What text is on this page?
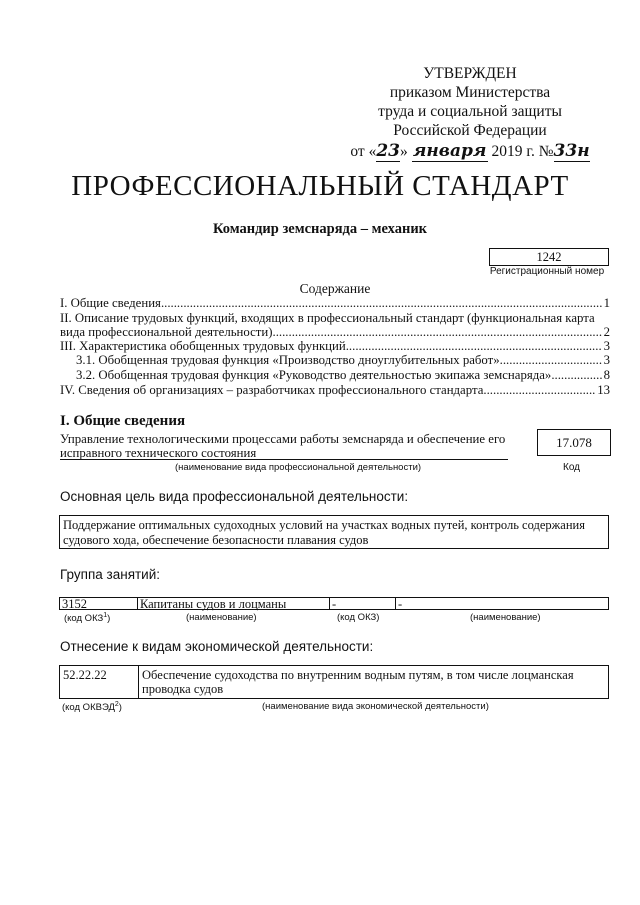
УТВЕРЖДЕН
приказом Министерства
труда и социальной защиты
Российской Федерации
от «23» января 2019 г. №33н
ПРОФЕССИОНАЛЬНЫЙ СТАНДАРТ
Командир земснаряда – механик
1242
Регистрационный номер
Содержание
I. Общие сведения .....	1
II. Описание трудовых функций, входящих в профессиональный стандарт (функциональная карта
вида профессиональной деятельности) .....	2
III. Характеристика обобщенных трудовых функций .....	3
3.1. Обобщенная трудовая функция «Производство дноуглубительных работ» .....	3
3.2. Обобщенная трудовая функция «Руководство деятельностью экипажа земснаряда» .....	8
IV. Сведения об организациях – разработчиках профессионального стандарта .....	13
I. Общие сведения
Управление технологическими процессами работы земснаряда и обеспечение его исправного технического состояния
(наименование вида профессиональной деятельности)
17.078
Код
Основная цель вида профессиональной деятельности:
Поддержание оптимальных судоходных условий на участках водных путей, контроль содержания судового хода, обеспечение безопасности плавания судов
Группа занятий:
3152	Капитаны судов и лоцманы	-	-
(код ОКЗ$^1$)	(наименование)	(код ОКЗ)	(наименование)
Отнесение к видам экономической деятельности:
52.22.22	Обеспечение судоходства по внутренним водным путям, в том числе лоцманская проводка судов
(код ОКВЭД$^2$)	(наименование вида экономической деятельности)
